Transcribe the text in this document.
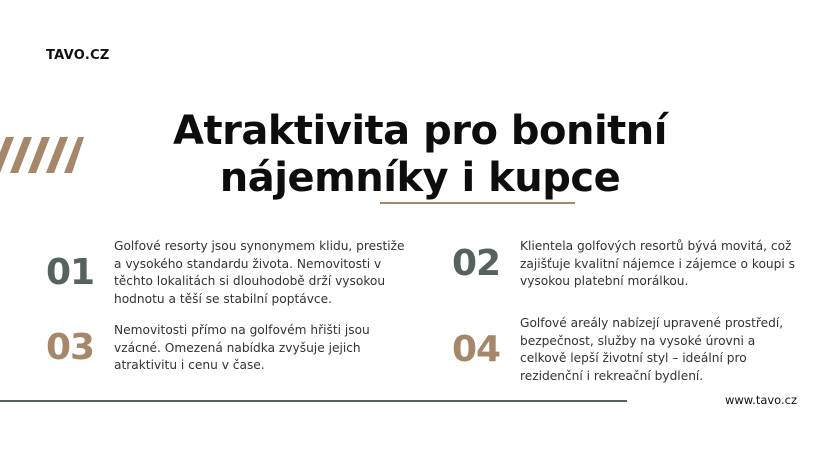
TAVO.CZ
Atraktivita pro bonitní
nájemníky i kupce
01
Golfové resorty jsou synonymem klidu, prestiže a vysokého standardu života. Nemovitosti v těchto lokalitách si dlouhodobě drží vysokou hodnotu a těší se stabilní poptávce.
02	Klientela golfových resortů bývá movitá, což zajišťuje kvalitní nájemce i zájemce o koupi s vysokou platební morálkou.
03	Nemovitosti přímo na golfovém hřišti jsou vzácné. Omezená nabídka zvyšuje jejich atraktivitu i cenu v čase.	04
Golfové areály nabízejí upravené prostředí, bezpečnost, služby na vysoké úrovni a celkově lepší životní styl – ideální pro rezidenční i rekreační bydlení.
www.tavo.cz
